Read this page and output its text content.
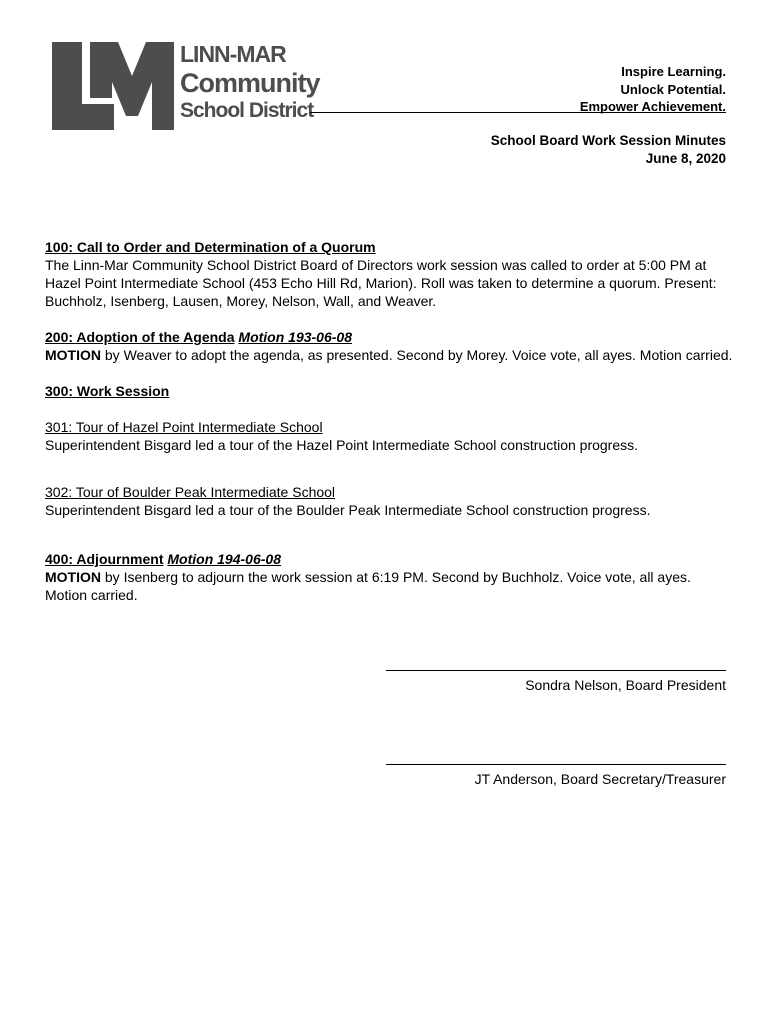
LINN-MAR
Community
School District
Inspire Learning.
Unlock Potential.
Empower Achievement.
School Board Work Session Minutes
June 8, 2020

100: Call to Order and Determination of a Quorum
The Linn-Mar Community School District Board of Directors work session was called to order at 5:00 PM at Hazel Point Intermediate School (453 Echo Hill Rd, Marion). Roll was taken to determine a quorum. Present: Buchholz, Isenberg, Lausen, Morey, Nelson, Wall, and Weaver.

200: Adoption of the Agenda Motion 193-06-08
MOTION by Weaver to adopt the agenda, as presented. Second by Morey. Voice vote, all ayes. Motion carried.

300: Work Session

301: Tour of Hazel Point Intermediate School
Superintendent Bisgard led a tour of the Hazel Point Intermediate School construction progress.

302: Tour of Boulder Peak Intermediate School
Superintendent Bisgard led a tour of the Boulder Peak Intermediate School construction progress.

400: Adjournment Motion 194-06-08
MOTION by Isenberg to adjourn the work session at 6:19 PM. Second by Buchholz. Voice vote, all ayes. Motion carried.

Sondra Nelson, Board President
JT Anderson, Board Secretary/Treasurer
